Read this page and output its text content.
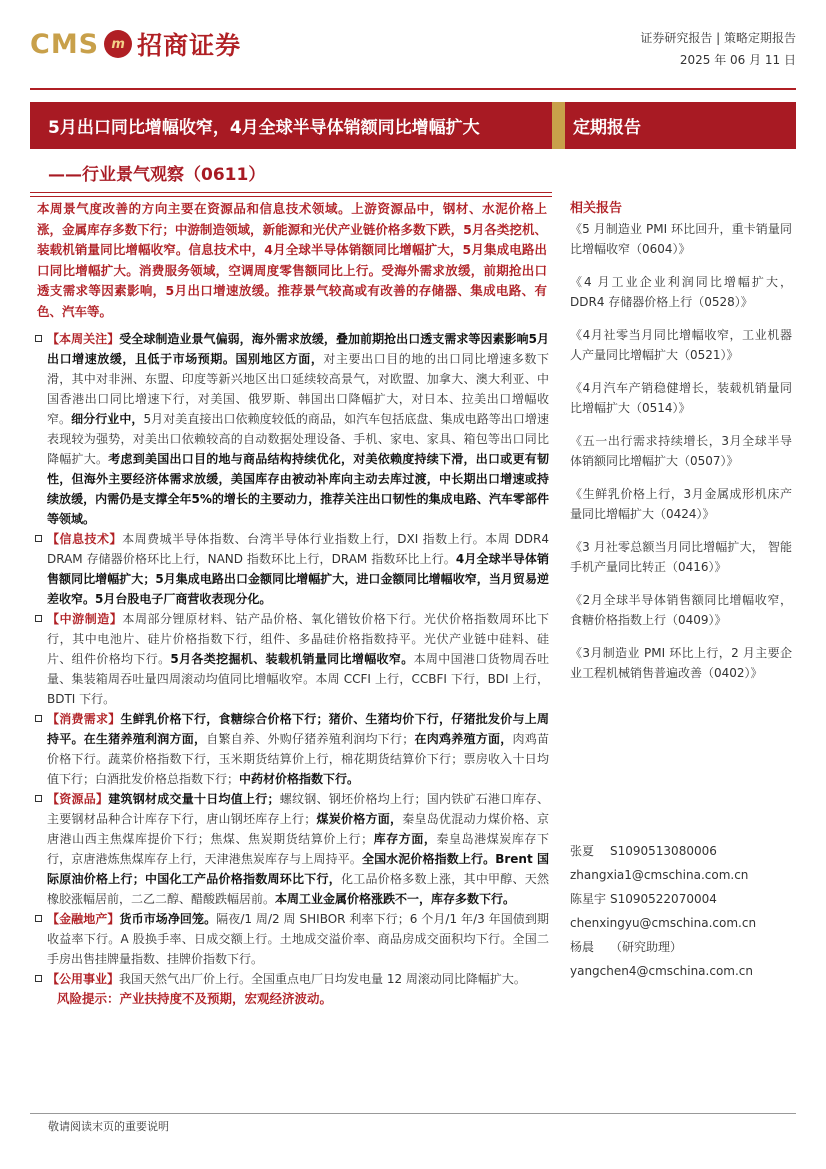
CMS m 招商证券	证券研究报告 | 策略定期报告
2025 年 06 月 11 日
5月出口同比增幅收窄，4月全球半导体销额同比增幅扩大	定期报告
——行业景气观察（0611）
本周景气度改善的方向主要在资源品和信息技术领域。上游资源品中，钢材、水泥价格上涨，金属库存多数下行；中游制造领域，新能源和光伏产业链价格多数下跌，5月各类挖机、装载机销量同比增幅收窄。信息技术中，4月全球半导体销额同比增幅扩大，5月集成电路出口同比增幅扩大。消费服务领域，空调周度零售额同比上行。受海外需求放缓，前期抢出口透支需求等因素影响，5月出口增速放缓。推荐景气较高或有改善的存储器、集成电路、有色、汽车等。
【本周关注】受全球制造业景气偏弱，海外需求放缓，叠加前期抢出口透支需求等因素影响5月出口增速放缓，且低于市场预期。国别地区方面，对主要出口目的地的出口同比增速多数下滑，其中对非洲、东盟、印度等新兴地区出口延续较高景气，对欧盟、加拿大、澳大利亚、中国香港出口同比增速下行，对美国、俄罗斯、韩国出口降幅扩大，对日本、拉美出口增幅收窄。细分行业中，5月对美直接出口依赖度较低的商品，如汽车包括底盘、集成电路等出口增速表现较为强势，对美出口依赖较高的自动数据处理设备、手机、家电、家具、箱包等出口同比降幅扩大。考虑到美国出口目的地与商品结构持续优化，对美依赖度持续下滑，出口或更有韧性，但海外主要经济体需求放缓，美国库存由被动补库向主动去库过渡，中长期出口增速或持续放缓，内需仍是支撑全年5%的增长的主要动力，推荐关注出口韧性的集成电路、汽车零部件等领域。
【信息技术】本周费城半导体指数、台湾半导体行业指数上行，DXI 指数上行。本周 DDR4 DRAM 存储器价格环比上行，NAND 指数环比上行，DRAM 指数环比上行。4月全球半导体销售额同比增幅扩大；5月集成电路出口金额同比增幅扩大，进口金额同比增幅收窄，当月贸易逆差收窄。5月台股电子厂商营收表现分化。
【中游制造】本周部分锂原材料、钴产品价格、氧化镨钕价格下行。光伏价格指数周环比下行，其中电池片、硅片价格指数下行，组件、多晶硅价格指数持平。光伏产业链中硅料、硅片、组件价格均下行。5月各类挖掘机、装载机销量同比增幅收窄。本周中国港口货物周吞吐量、集装箱周吞吐量四周滚动均值同比增幅收窄。本周 CCFI 上行，CCBFI 下行，BDI 上行，BDTI 下行。
【消费需求】生鲜乳价格下行，食糖综合价格下行；猪价、生猪均价下行，仔猪批发价与上周持平。在生猪养殖利润方面，自繁自养、外购仔猪养殖利润均下行；在肉鸡养殖方面，肉鸡苗价格下行。蔬菜价格指数下行，玉米期货结算价上行，棉花期货结算价下行；票房收入十日均值下行；白酒批发价格总指数下行；中药材价格指数下行。
【资源品】建筑钢材成交量十日均值上行；螺纹钢、钢坯价格均上行；国内铁矿石港口库存、主要钢材品种合计库存下行，唐山钢坯库存上行；煤炭价格方面，秦皇岛优混动力煤价格、京唐港山西主焦煤库提价下行；焦煤、焦炭期货结算价上行；库存方面，秦皇岛港煤炭库存下行，京唐港炼焦煤库存上行，天津港焦炭库存与上周持平。全国水泥价格指数上行。Brent 国际原油价格上行；中国化工产品价格指数周环比下行，化工品价格多数上涨，其中甲醇、天然橡胶涨幅居前，二乙二醇、醋酸跌幅居前。本周工业金属价格涨跌不一，库存多数下行。
【金融地产】货币市场净回笼。隔夜/1 周/2 周 SHIBOR 利率下行；6 个月/1 年/3 年国债到期收益率下行。A 股换手率、日成交额上行。土地成交溢价率、商品房成交面积均下行。全国二手房出售挂牌量指数、挂牌价指数下行。
【公用事业】我国天然气出厂价上行。全国重点电厂日均发电量 12 周滚动同比降幅扩大。
风险提示：产业扶持度不及预期，宏观经济波动。
相关报告
《5 月制造业 PMI 环比回升，重卡销量同比增幅收窄（0604）》
《4 月工业企业利润同比增幅扩大， DDR4 存储器价格上行（0528）》
《4月社零当月同比增幅收窄，工业机器人产量同比增幅扩大（0521）》
《4月汽车产销稳健增长，装载机销量同比增幅扩大（0514）》
《五一出行需求持续增长，3月全球半导体销额同比增幅扩大（0507）》
《生鲜乳价格上行，3月金属成形机床产量同比增幅扩大（0424）》
《3 月社零总额当月同比增幅扩大， 智能手机产量同比转正（0416）》
《2月全球半导体销售额同比增幅收窄， 食糖价格指数上行（0409）》
《3月制造业 PMI 环比上行，2 月主要企业工程机械销售普遍改善（0402）》
张夏	S1090513080006
zhangxia1@cmschina.com.cn
陈星宇 S1090522070004
chenxingyu@cmschina.com.cn
杨晨	（研究助理）
yangchen4@cmschina.com.cn
敬请阅读末页的重要说明
